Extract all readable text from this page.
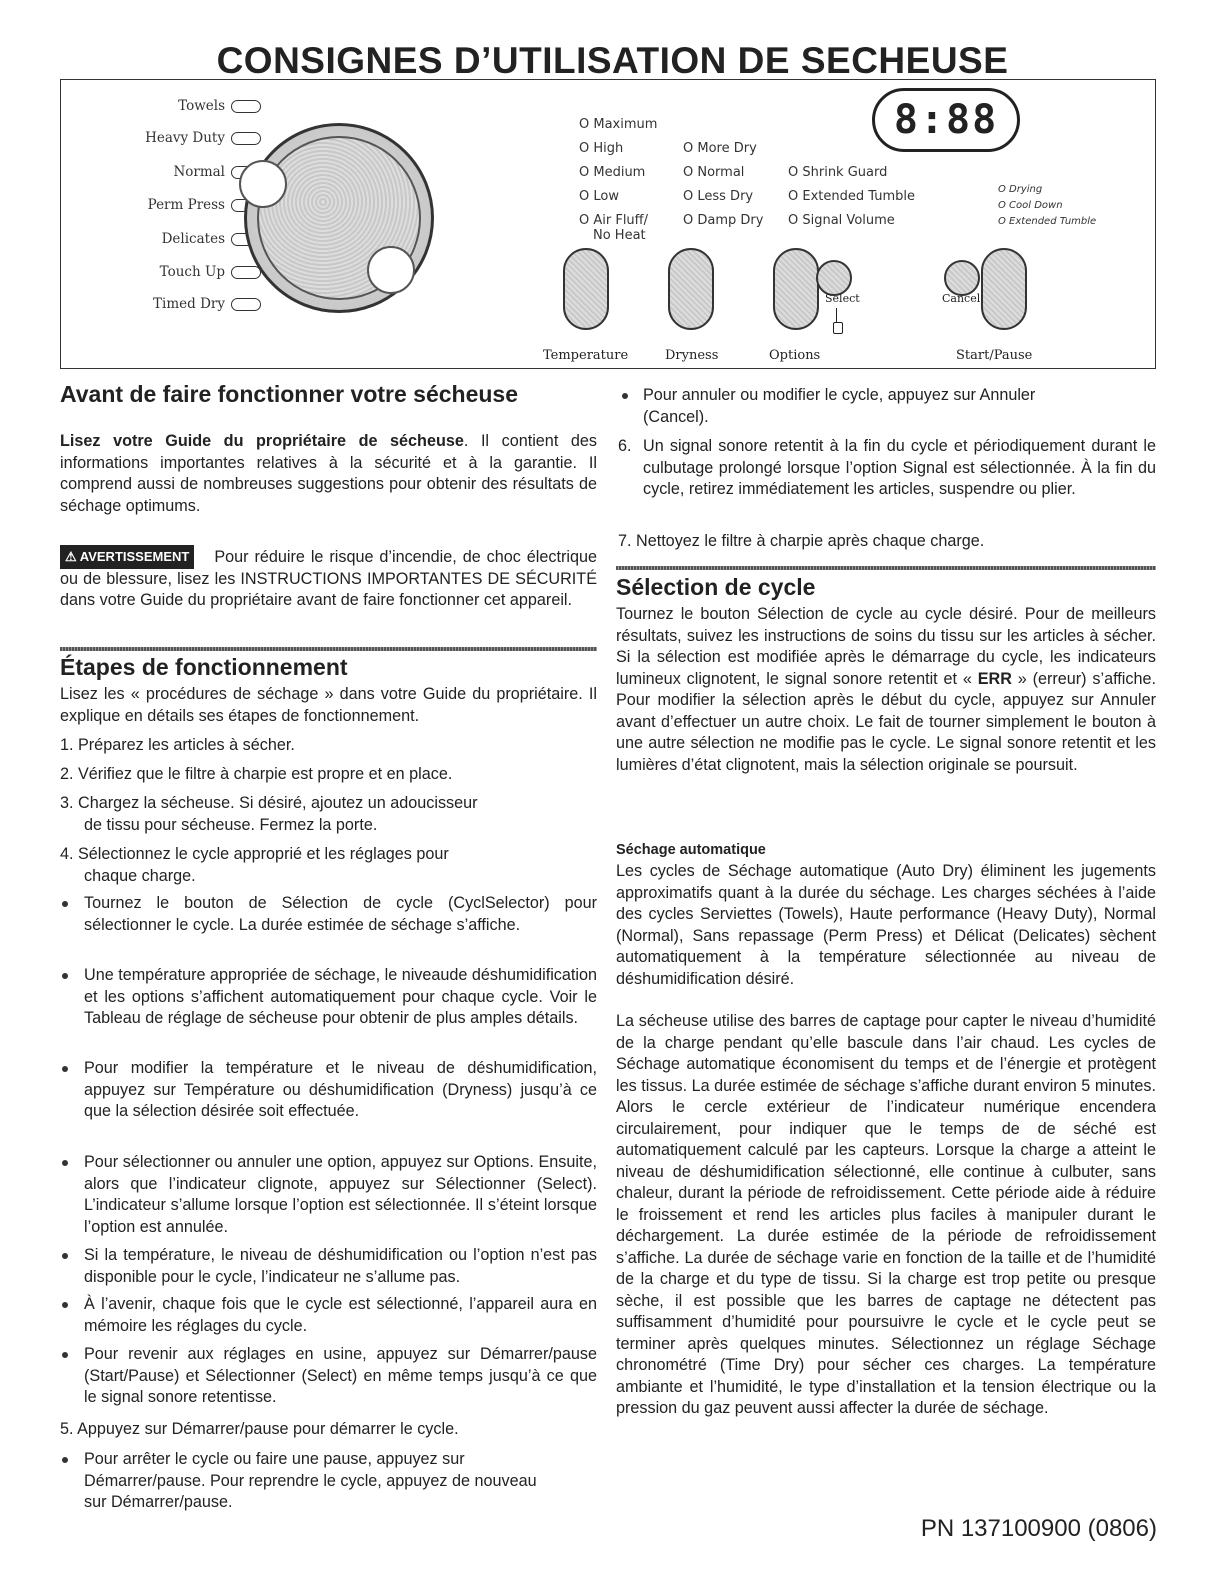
CONSIGNES D’UTILISATION DE SECHEUSE
Towels
Heavy Duty
Normal
Perm Press
Delicates
Touch Up
Timed Dry
O Maximum
O High
O Medium
O Low
O Air Fluff/
No Heat
O More Dry
O Normal
O Less Dry
O Damp Dry
O Shrink Guard
O Extended Tumble
O Signal Volume
O Drying
O Cool Down
O Extended Tumble
8:88
Select	Cancel
Temperature	Dryness	Options	Start/Pause
Avant de faire fonctionner votre sécheuse

Lisez votre Guide du propriétaire de sécheuse. Il contient des informations importantes relatives à la sécurité et à la garantie. Il comprend aussi de nombreuses suggestions pour obtenir des résultats de séchage optimums.

⚠ AVERTISSEMENT Pour réduire le risque d’incendie, de choc électrique ou de blessure, lisez les INSTRUCTIONS IMPORTANTES DE SÉCURITÉ dans votre Guide du propriétaire avant de faire fonctionner cet appareil.

Étapes de fonctionnement
Lisez les « procédures de séchage » dans votre Guide du propriétaire. Il explique en détails ses étapes de fonctionnement.
1. Préparez les articles à sécher.
2. Vérifiez que le filtre à charpie est propre et en place.
3. Chargez la sécheuse. Si désiré, ajoutez un adoucisseur
de tissu pour sécheuse. Fermez la porte.
4. Sélectionnez le cycle approprié et les réglages pour
chaque charge.
Tournez le bouton de Sélection de cycle (CyclSelector) pour sélectionner le cycle. La durée estimée de séchage s’affiche.
Une température appropriée de séchage, le niveaude déshumidification et les options s’affichent automatiquement pour chaque cycle. Voir le Tableau de réglage de sécheuse pour obtenir de plus amples détails.
Pour modifier la température et le niveau de déshumidification, appuyez sur Température ou déshumidification (Dryness) jusqu’à ce que la sélection désirée soit effectuée.
Pour sélectionner ou annuler une option, appuyez sur Options. Ensuite, alors que l’indicateur clignote, appuyez sur Sélectionner (Select). L’indicateur s’allume lorsque l’option est sélectionnée. Il s’éteint lorsque l’option est annulée.
Si la température, le niveau de déshumidification ou l’option n’est pas disponible pour le cycle, l’indicateur ne s’allume pas.
À l’avenir, chaque fois que le cycle est sélectionné, l’appareil aura en mémoire les réglages du cycle.
Pour revenir aux réglages en usine, appuyez sur Démarrer/pause (Start/Pause) et Sélectionner (Select) en même temps jusqu’à ce que le signal sonore retentisse.
5. Appuyez sur Démarrer/pause pour démarrer le cycle.
Pour arrêter le cycle ou faire une pause, appuyez sur Démarrer/pause. Pour reprendre le cycle, appuyez de nouveau sur Démarrer/pause.
Pour annuler ou modifier le cycle, appuyez sur Annuler (Cancel).
6. Un signal sonore retentit à la fin du cycle et périodiquement durant le culbutage prolongé lorsque l’option Signal est sélectionnée. À la fin du cycle, retirez immédiatement les articles, suspendre ou plier.
7. Nettoyez le filtre à charpie après chaque charge.
Sélection de cycle

Tournez le bouton Sélection de cycle au cycle désiré. Pour de meilleurs résultats, suivez les instructions de soins du tissu sur les articles à sécher. Si la sélection est modifiée après le démarrage du cycle, les indicateurs lumineux clignotent, le signal sonore retentit et « ERR » (erreur) s’affiche. Pour modifier la sélection après le début du cycle, appuyez sur Annuler avant d’effectuer un autre choix. Le fait de tourner simplement le bouton à une autre sélection ne modifie pas le cycle. Le signal sonore retentit et les lumières d’état clignotent, mais la sélection originale se poursuit.

Séchage automatique
Les cycles de Séchage automatique (Auto Dry) éliminent les jugements approximatifs quant à la durée du séchage. Les charges séchées à l’aide des cycles Serviettes (Towels), Haute performance (Heavy Duty), Normal (Normal), Sans repassage (Perm Press) et Délicat (Delicates) sèchent automatiquement à la température sélectionnée au niveau de déshumidification désiré.
La sécheuse utilise des barres de captage pour capter le niveau d’humidité de la charge pendant qu’elle bascule dans l’air chaud. Les cycles de Séchage automatique économisent du temps et de l’énergie et protègent les tissus. La durée estimée de séchage s’affiche durant environ 5 minutes. Alors le cercle extérieur de l’indicateur numérique encendera circulairement, pour indiquer que le temps de de séché est automatiquement calculé par les capteurs. Lorsque la charge a atteint le niveau de déshumidification sélectionné, elle continue à culbuter, sans chaleur, durant la période de refroidissement. Cette période aide à réduire le froissement et rend les articles plus faciles à manipuler durant le déchargement. La durée estimée de la période de refroidissement s’affiche. La durée de séchage varie en fonction de la taille et de l’humidité de la charge et du type de tissu. Si la charge est trop petite ou presque sèche, il est possible que les barres de captage ne détectent pas suffisamment d’humidité pour poursuivre le cycle et le cycle peut se terminer après quelques minutes. Sélectionnez un réglage Séchage chronométré (Time Dry) pour sécher ces charges. La température ambiante et l’humidité, le type d’installation et la tension électrique ou la pression du gaz peuvent aussi affecter la durée de séchage.
PN 137100900 (0806)
